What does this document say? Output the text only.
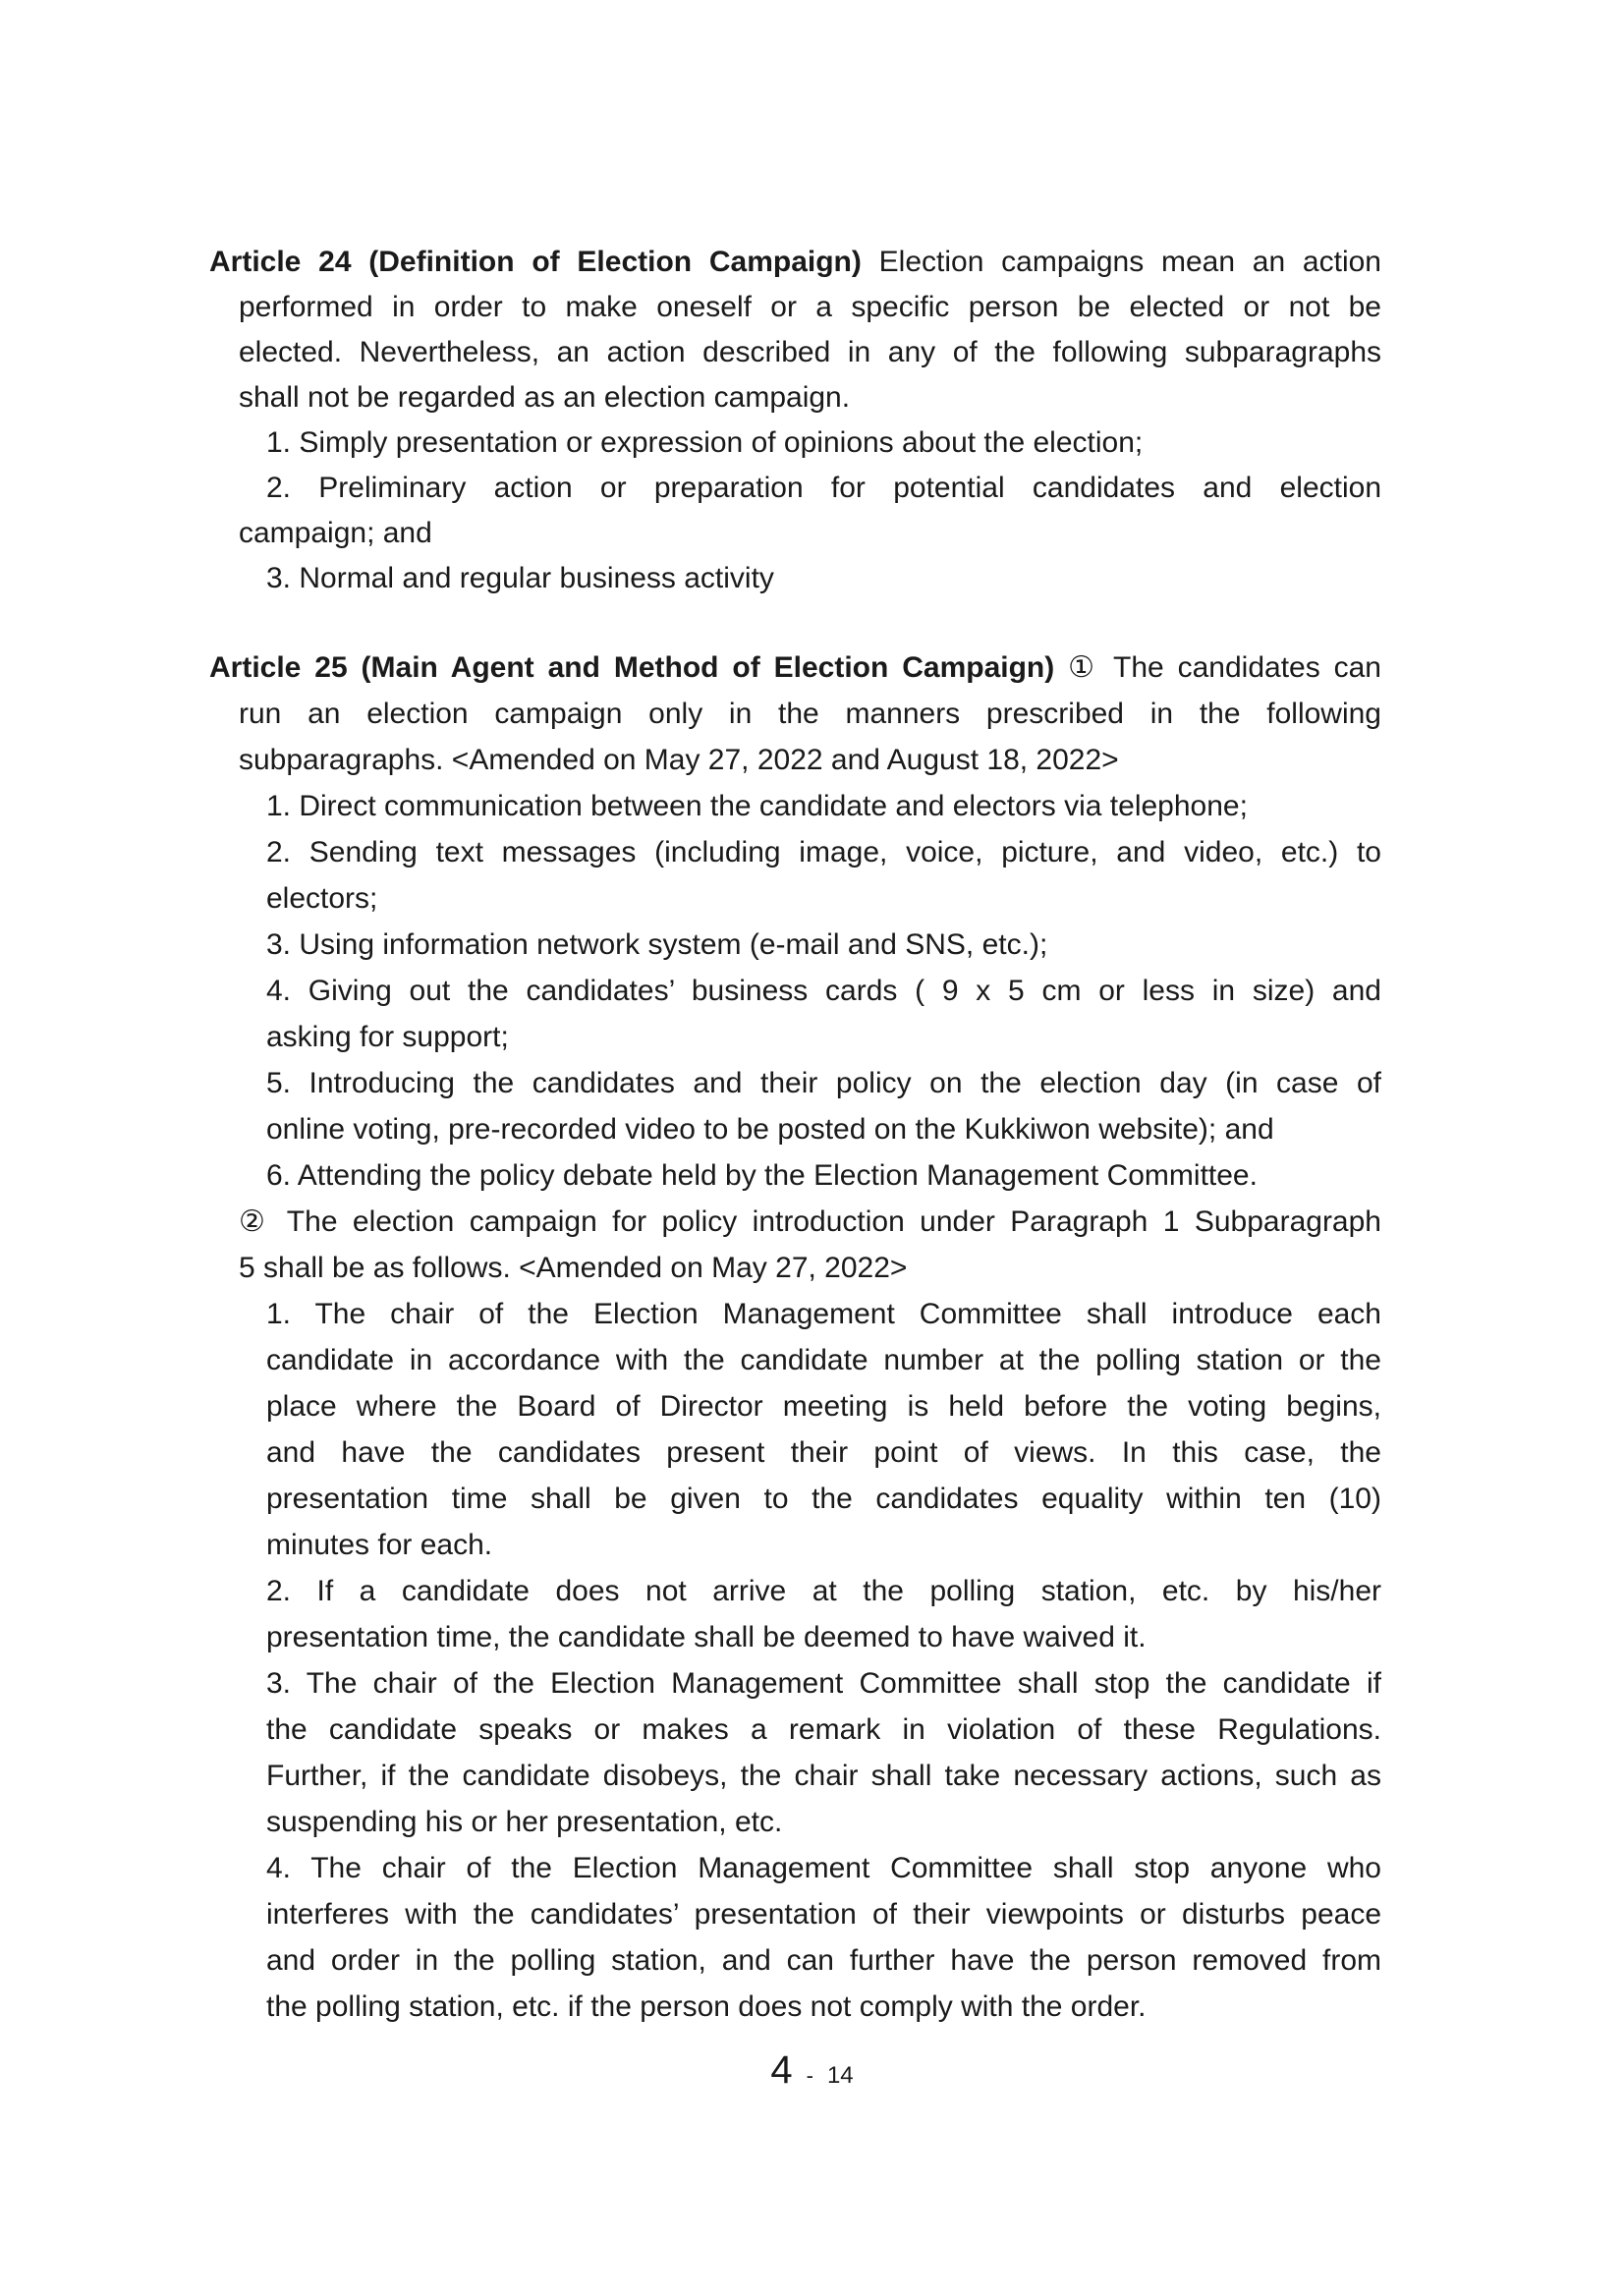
Article 24 (Definition of Election Campaign) Election campaigns mean an action
performed in order to make oneself or a specific person be elected or not be
elected. Nevertheless, an action described in any of the following subparagraphs
shall not be regarded as an election campaign.
1. Simply presentation or expression of opinions about the election;
2. Preliminary action or preparation for potential candidates and election
campaign; and
3. Normal and regular business activity
Article 25 (Main Agent and Method of Election Campaign) ① The candidates can
run an election campaign only in the manners prescribed in the following
subparagraphs. <Amended on May 27, 2022 and August 18, 2022>
1. Direct communication between the candidate and electors via telephone;
2. Sending text messages (including image, voice, picture, and video, etc.) to
electors;
3. Using information network system (e-mail and SNS, etc.);
4. Giving out the candidates’ business cards ( 9 x 5 cm or less in size) and
asking for support;
5. Introducing the candidates and their policy on the election day (in case of
online voting, pre-recorded video to be posted on the Kukkiwon website); and
6. Attending the policy debate held by the Election Management Committee.
② The election campaign for policy introduction under Paragraph 1 Subparagraph
5 shall be as follows. <Amended on May 27, 2022>
1. The chair of the Election Management Committee shall introduce each
candidate in accordance with the candidate number at the polling station or the
place where the Board of Director meeting is held before the voting begins,
and have the candidates present their point of views. In this case, the
presentation time shall be given to the candidates equality within ten (10)
minutes for each.
2. If a candidate does not arrive at the polling station, etc. by his/her
presentation time, the candidate shall be deemed to have waived it.
3. The chair of the Election Management Committee shall stop the candidate if
the candidate speaks or makes a remark in violation of these Regulations.
Further, if the candidate disobeys, the chair shall take necessary actions, such as
suspending his or her presentation, etc.
4. The chair of the Election Management Committee shall stop anyone who
interferes with the candidates’ presentation of their viewpoints or disturbs peace
and order in the polling station, and can further have the person removed from
the polling station, etc. if the person does not comply with the order.
4 - 14
